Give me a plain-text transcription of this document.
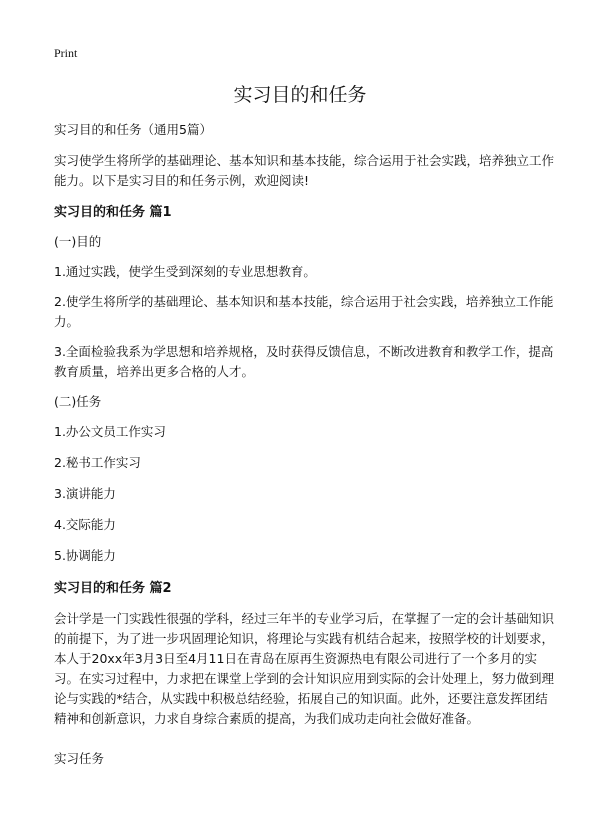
Print
实习目的和任务

实习目的和任务（通用5篇）

实习使学生将所学的基础理论、基本知识和基本技能，综合运用于社会实践，培养独立工作能力。以下是实习目的和任务示例，欢迎阅读!

实习目的和任务 篇1

(一)目的

1.通过实践，使学生受到深刻的专业思想教育。

2.使学生将所学的基础理论、基本知识和基本技能，综合运用于社会实践，培养独立工作能力。

3.全面检验我系为学思想和培养规格，及时获得反馈信息，不断改进教育和教学工作，提高教育质量，培养出更多合格的人才。

(二)任务

1.办公文员工作实习

2.秘书工作实习

3.演讲能力

4.交际能力

5.协调能力

实习目的和任务 篇2

会计学是一门实践性很强的学科，经过三年半的专业学习后，在掌握了一定的会计基础知识的前提下，为了进一步巩固理论知识，将理论与实践有机结合起来，按照学校的计划要求，本人于20xx年3月3日至4月11日在青岛在原再生资源热电有限公司进行了一个多月的实习。在实习过程中，力求把在课堂上学到的会计知识应用到实际的会计处理上，努力做到理论与实践的*结合，从实践中积极总结经验，拓展自己的知识面。此外，还要注意发挥团结精神和创新意识，力求自身综合素质的提高，为我们成功走向社会做好准备。

实习任务
